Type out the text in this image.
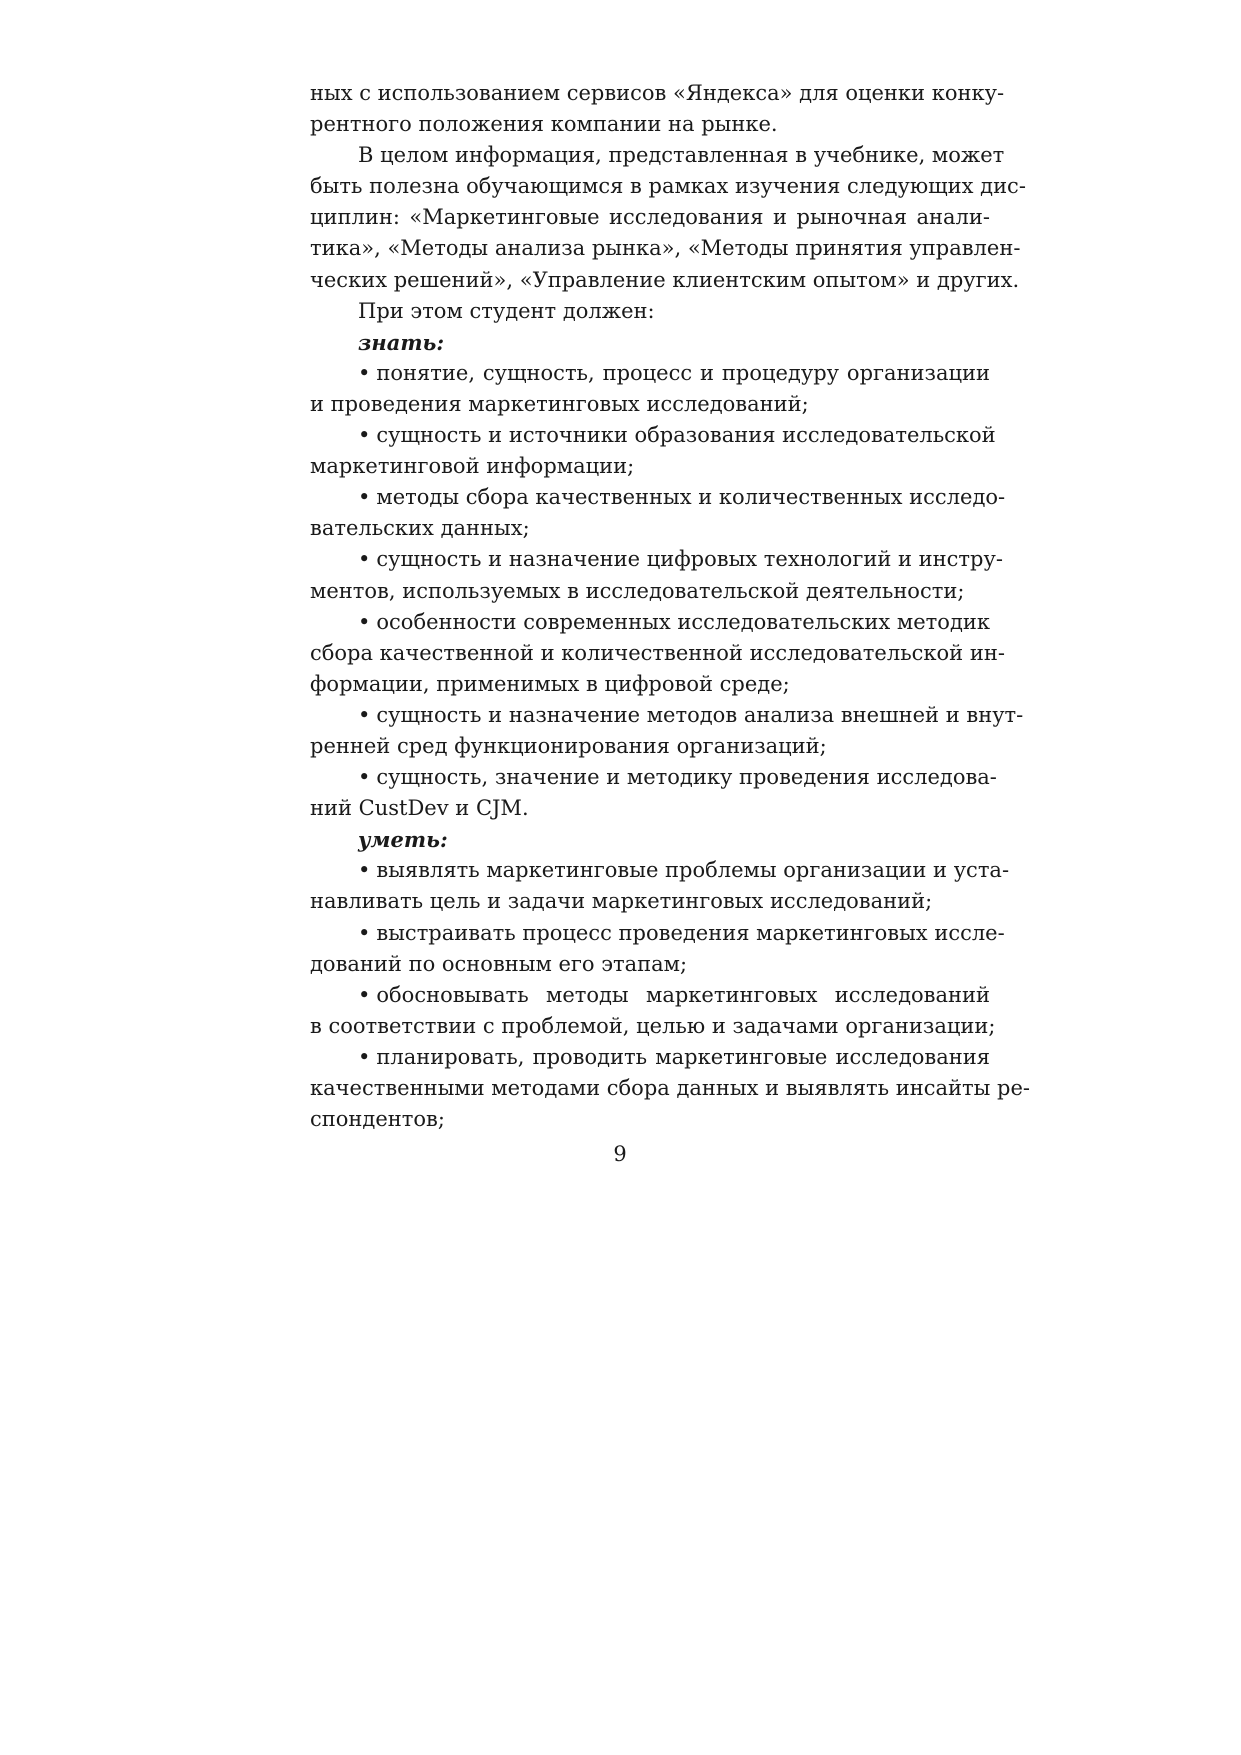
ных с использованием сервисов «Яндекса» для оценки конку-
рентного положения компании на рынке.
В целом информация, представленная в учебнике, может
быть полезна обучающимся в рамках изучения следующих дис-
циплин: «Маркетинговые исследования и рыночная анали-
тика», «Методы анализа рынка», «Методы принятия управлен-
ческих решений», «Управление клиентским опытом» и других.
При этом студент должен:
знать:
• понятие, сущность, процесс и процедуру организации
и проведения маркетинговых исследований;
• сущность и источники образования исследовательской
маркетинговой информации;
• методы сбора качественных и количественных исследо-
вательских данных;
• сущность и назначение цифровых технологий и инстру-
ментов, используемых в исследовательской деятельности;
• особенности современных исследовательских методик
сбора качественной и количественной исследовательской ин-
формации, применимых в цифровой среде;
• сущность и назначение методов анализа внешней и внут-
ренней сред функционирования организаций;
• сущность, значение и методику проведения исследова-
ний CustDev и CJM.
уметь:
• выявлять маркетинговые проблемы организации и уста-
навливать цель и задачи маркетинговых исследований;
• выстраивать процесс проведения маркетинговых иссле-
дований по основным его этапам;
• обосновывать методы маркетинговых исследований
в соответствии с проблемой, целью и задачами организации;
• планировать, проводить маркетинговые исследования
качественными методами сбора данных и выявлять инсайты ре-
спондентов;
9
